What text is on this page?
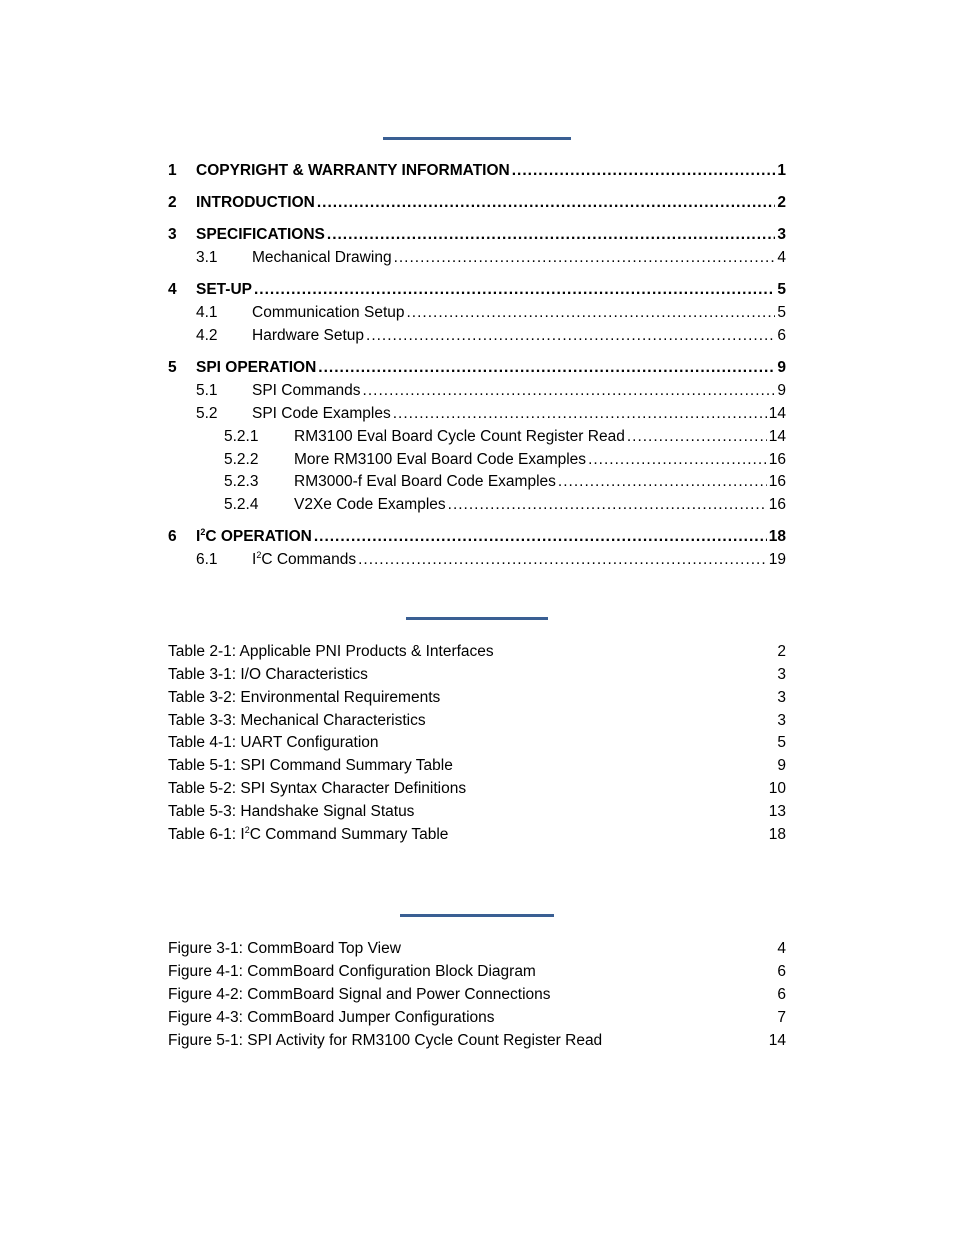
1 COPYRIGHT & WARRANTY INFORMATION .....	1
2 INTRODUCTION .....	2
3 SPECIFICATIONS .....	3
3.1 Mechanical Drawing .....	4
4 SET-UP .....	5
4.1 Communication Setup .....	5
4.2 Hardware Setup .....	6
5 SPI OPERATION .....	9
5.1 SPI Commands .....	9
5.2 SPI Code Examples .....	14
5.2.1 RM3100 Eval Board Cycle Count Register Read .....	14
5.2.2 More RM3100 Eval Board Code Examples .....	16
5.2.3 RM3000-f Eval Board Code Examples .....	16
5.2.4 V2Xe Code Examples .....	16
6 $I^2C$ OPERATION .....	18
6.1 $I^2C$ Commands .....	19
Table 2-1: Applicable PNI Products & Interfaces	2
Table 3-1: I/O Characteristics	3
Table 3-2: Environmental Requirements	3
Table 3-3: Mechanical Characteristics	3
Table 4-1: UART Configuration	5
Table 5-1: SPI Command Summary Table	9
Table 5-2: SPI Syntax Character Definitions	10
Table 5-3: Handshake Signal Status	13
Table 6-1: $I^2C$ Command Summary Table	18
Figure 3-1: CommBoard Top View	4
Figure 4-1: CommBoard Configuration Block Diagram	6
Figure 4-2: CommBoard Signal and Power Connections	6
Figure 4-3: CommBoard Jumper Configurations	7
Figure 5-1: SPI Activity for RM3100 Cycle Count Register Read	14
